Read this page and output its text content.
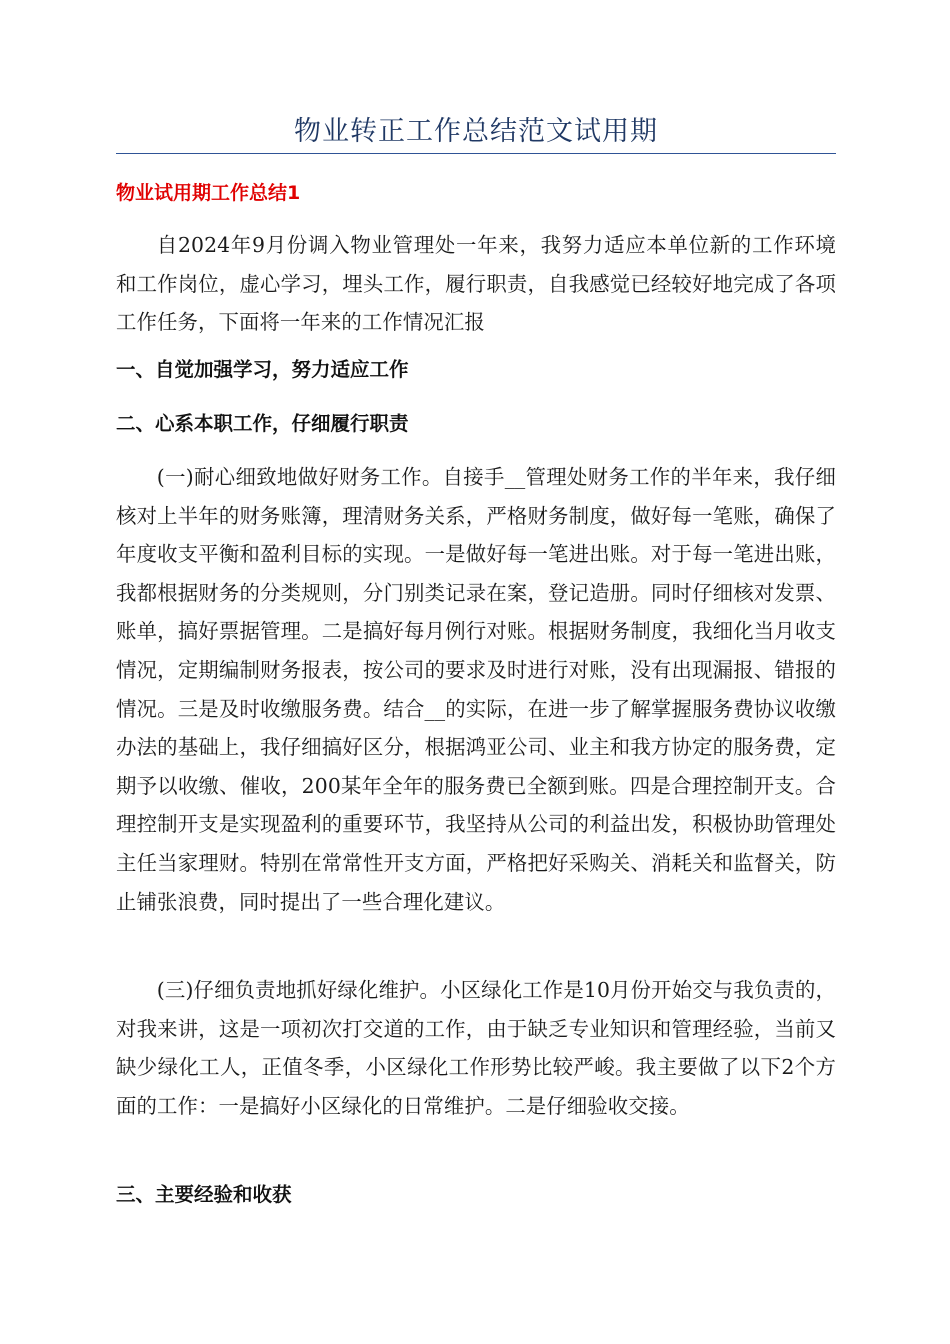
物业转正工作总结范文试用期
物业试用期工作总结1

自2024年9月份调入物业管理处一年来，我努力适应本单位新的工作环境和工作岗位，虚心学习，埋头工作，履行职责，自我感觉已经较好地完成了各项工作任务，下面将一年来的工作情况汇报

一、自觉加强学习，努力适应工作
二、心系本职工作，仔细履行职责

(一)耐心细致地做好财务工作。自接手__管理处财务工作的半年来，我仔细核对上半年的财务账簿，理清财务关系，严格财务制度，做好每一笔账，确保了年度收支平衡和盈利目标的实现。一是做好每一笔进出账。对于每一笔进出账，我都根据财务的分类规则，分门别类记录在案，登记造册。同时仔细核对发票、账单，搞好票据管理。二是搞好每月例行对账。根据财务制度，我细化当月收支情况，定期编制财务报表，按公司的要求及时进行对账，没有出现漏报、错报的情况。三是及时收缴服务费。结合__的实际，在进一步了解掌握服务费协议收缴办法的基础上，我仔细搞好区分，根据鸿亚公司、业主和我方协定的服务费，定期予以收缴、催收，200某年全年的服务费已全额到账。四是合理控制开支。合理控制开支是实现盈利的重要环节，我坚持从公司的利益出发，积极协助管理处主任当家理财。特别在常常性开支方面，严格把好采购关、消耗关和监督关，防止铺张浪费，同时提出了一些合理化建议。

(三)仔细负责地抓好绿化维护。小区绿化工作是10月份开始交与我负责的，对我来讲，这是一项初次打交道的工作，由于缺乏专业知识和管理经验，当前又缺少绿化工人，正值冬季，小区绿化工作形势比较严峻。我主要做了以下2个方面的工作：一是搞好小区绿化的日常维护。二是仔细验收交接。

三、主要经验和收获
